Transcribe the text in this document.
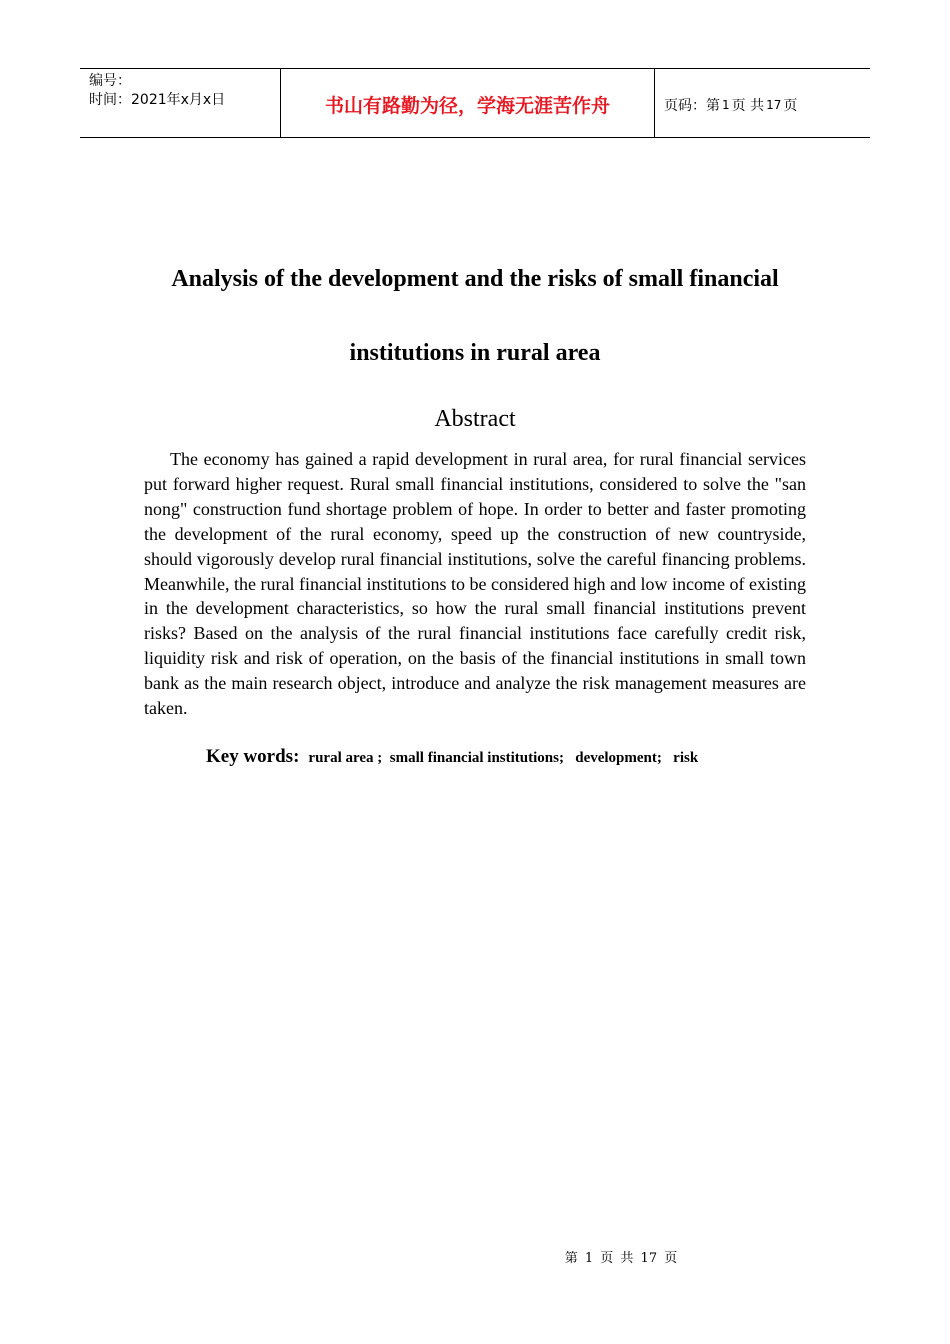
编号：
时间：2021年x月x日	书山有路勤为径，学海无涯苦作舟	页码：第 1 页 共 17 页
Analysis of the development and the risks of small financial
institutions in rural area
Abstract

The economy has gained a rapid development in rural area, for rural financial services put forward higher request. Rural small financial institutions, considered to solve the "san nong" construction fund shortage problem of hope. In order to better and faster promoting the development of the rural economy, speed up the construction of new countryside, should vigorously develop rural financial institutions, solve the careful financing problems. Meanwhile, the rural financial institutions to be considered high and low income of existing in the development characteristics, so how the rural small financial institutions prevent risks? Based on the analysis of the rural financial institutions face carefully credit risk, liquidity risk and risk of operation, on the basis of the financial institutions in small town bank as the main research object, introduce and analyze the risk management measures are taken.

Key words: rural area ;  small financial institutions;   development;   risk

第 1 页 共 17 页
